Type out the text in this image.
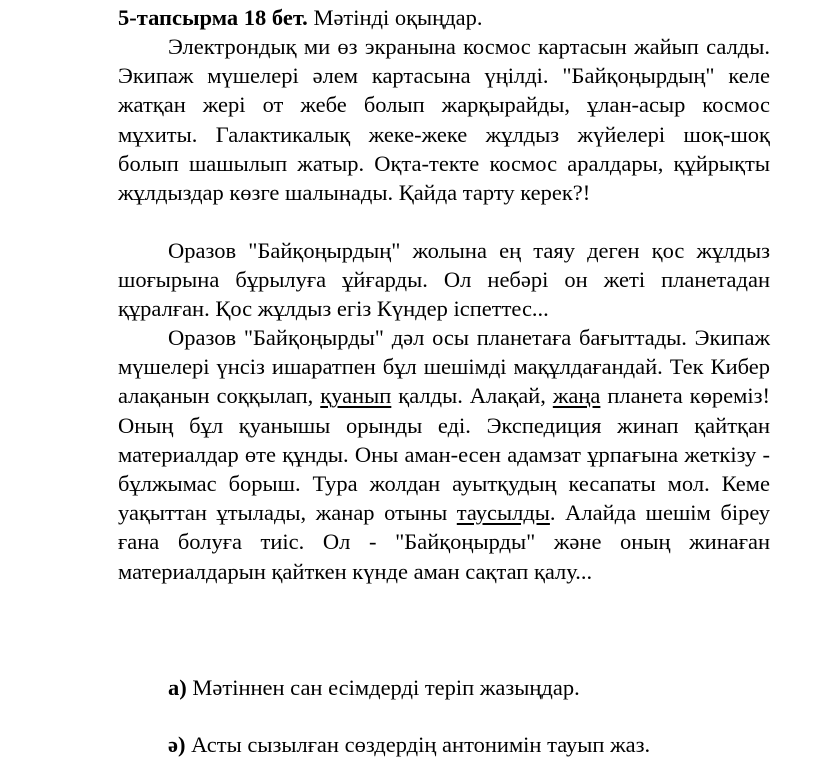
5-тапсырма 18 бет. Мәтінді оқыңдар.
Электрондық ми өз экранына космос картасын жайып салды. Экипаж мүшелері әлем картасына үңілді. "Байқоңырдың" келе жатқан жері от жебе болып жарқырайды, ұлан-асыр космос мұхиты. Галактикалық жеке-жеке жұлдыз жүйелері шоқ-шоқ болып шашылып жатыр. Оқта-текте космос аралдары, құйрықты жұлдыздар көзге шалынады. Қайда тарту керек?!
Оразов "Байқоңырдың" жолына ең таяу деген қос жұлдыз шоғырына бұрылуға ұйғарды. Ол небәрі он жеті планетадан құралған. Қос жұлдыз егіз Күндер іспеттес...
Оразов "Байқоңырды" дәл осы планетаға бағыттады. Экипаж мүшелері үнсіз ишаратпен бұл шешімді мақұлдағандай. Тек Кибер алақанын соққылап, қуанып қалды. Алақай, жаңа планета көреміз! Оның бұл қуанышы орынды еді. Экспедиция жинап қайтқан материалдар өте құнды. Оны аман-есен адамзат ұрпағына жеткізу - бұлжымас борыш. Тура жолдан ауытқудың кесапаты мол. Кеме уақыттан ұтылады, жанар отыны таусылды. Алайда шешім біреу ғана болуға тиіс. Ол - "Байқоңырды" және оның жинаған материалдарын қайткен күнде аман сақтап қалу...
а) Мәтіннен сан есімдерді теріп жазыңдар.
ә) Асты сызылған сөздердің антонимін тауып жаз.
